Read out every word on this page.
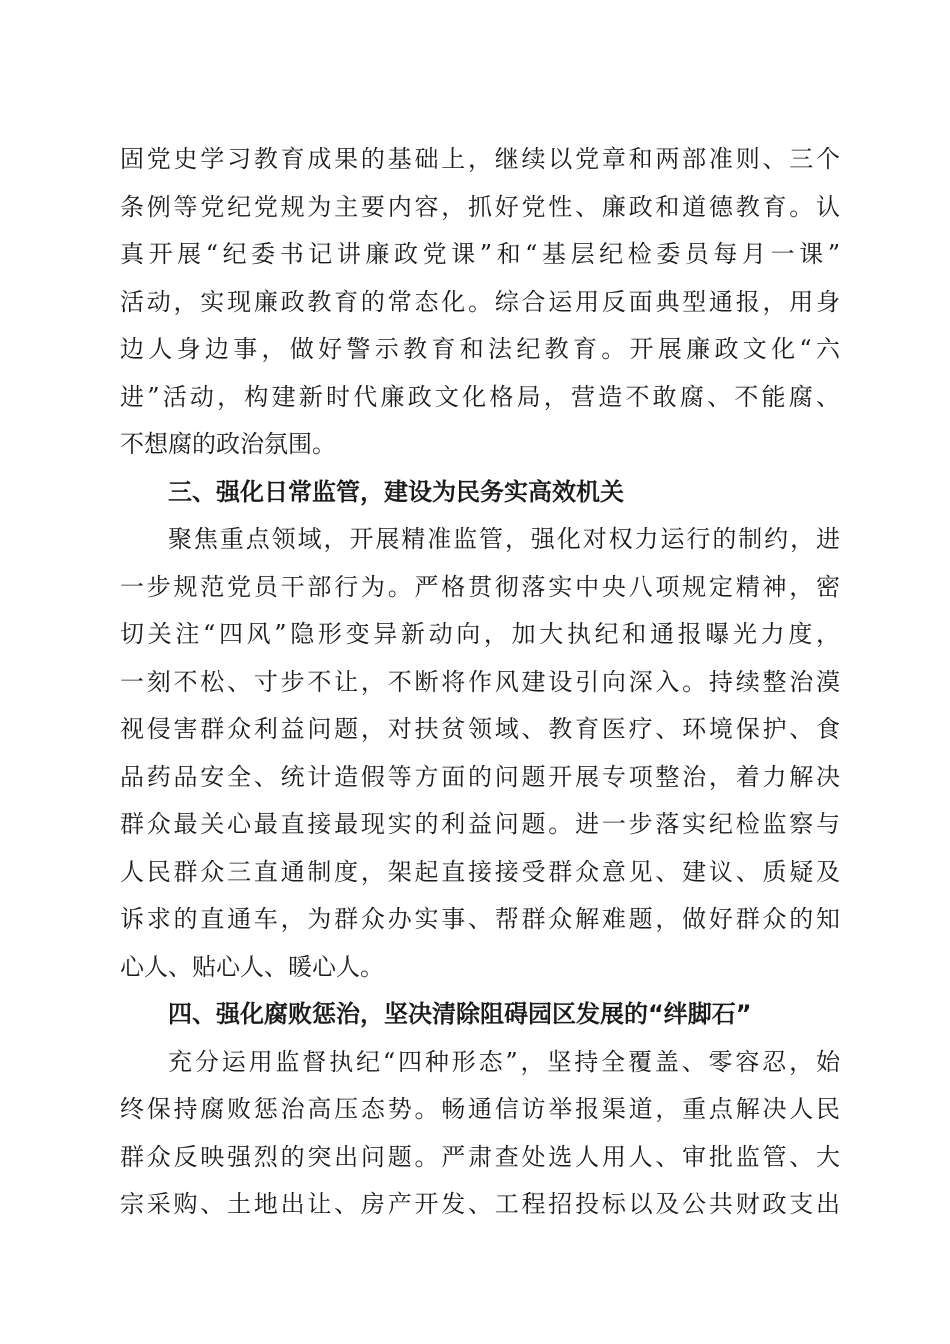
固党史学习教育成果的基础上，继续以党章和两部准则、三个
条例等党纪党规为主要内容，抓好党性、廉政和道德教育。认
真开展“纪委书记讲廉政党课”和“基层纪检委员每月一课”
活动，实现廉政教育的常态化。综合运用反面典型通报，用身
边人身边事，做好警示教育和法纪教育。开展廉政文化“六
进”活动，构建新时代廉政文化格局，营造不敢腐、不能腐、
不想腐的政治氛围。
三、强化日常监管，建设为民务实高效机关
聚焦重点领域，开展精准监管，强化对权力运行的制约，进
一步规范党员干部行为。严格贯彻落实中央八项规定精神，密
切关注“四风”隐形变异新动向，加大执纪和通报曝光力度，
一刻不松、寸步不让，不断将作风建设引向深入。持续整治漠
视侵害群众利益问题，对扶贫领域、教育医疗、环境保护、食
品药品安全、统计造假等方面的问题开展专项整治，着力解决
群众最关心最直接最现实的利益问题。进一步落实纪检监察与
人民群众三直通制度，架起直接接受群众意见、建议、质疑及
诉求的直通车，为群众办实事、帮群众解难题，做好群众的知
心人、贴心人、暖心人。
四、强化腐败惩治，坚决清除阻碍园区发展的“绊脚石”
充分运用监督执纪“四种形态”，坚持全覆盖、零容忍，始
终保持腐败惩治高压态势。畅通信访举报渠道，重点解决人民
群众反映强烈的突出问题。严肃查处选人用人、审批监管、大
宗采购、土地出让、房产开发、工程招投标以及公共财政支出
